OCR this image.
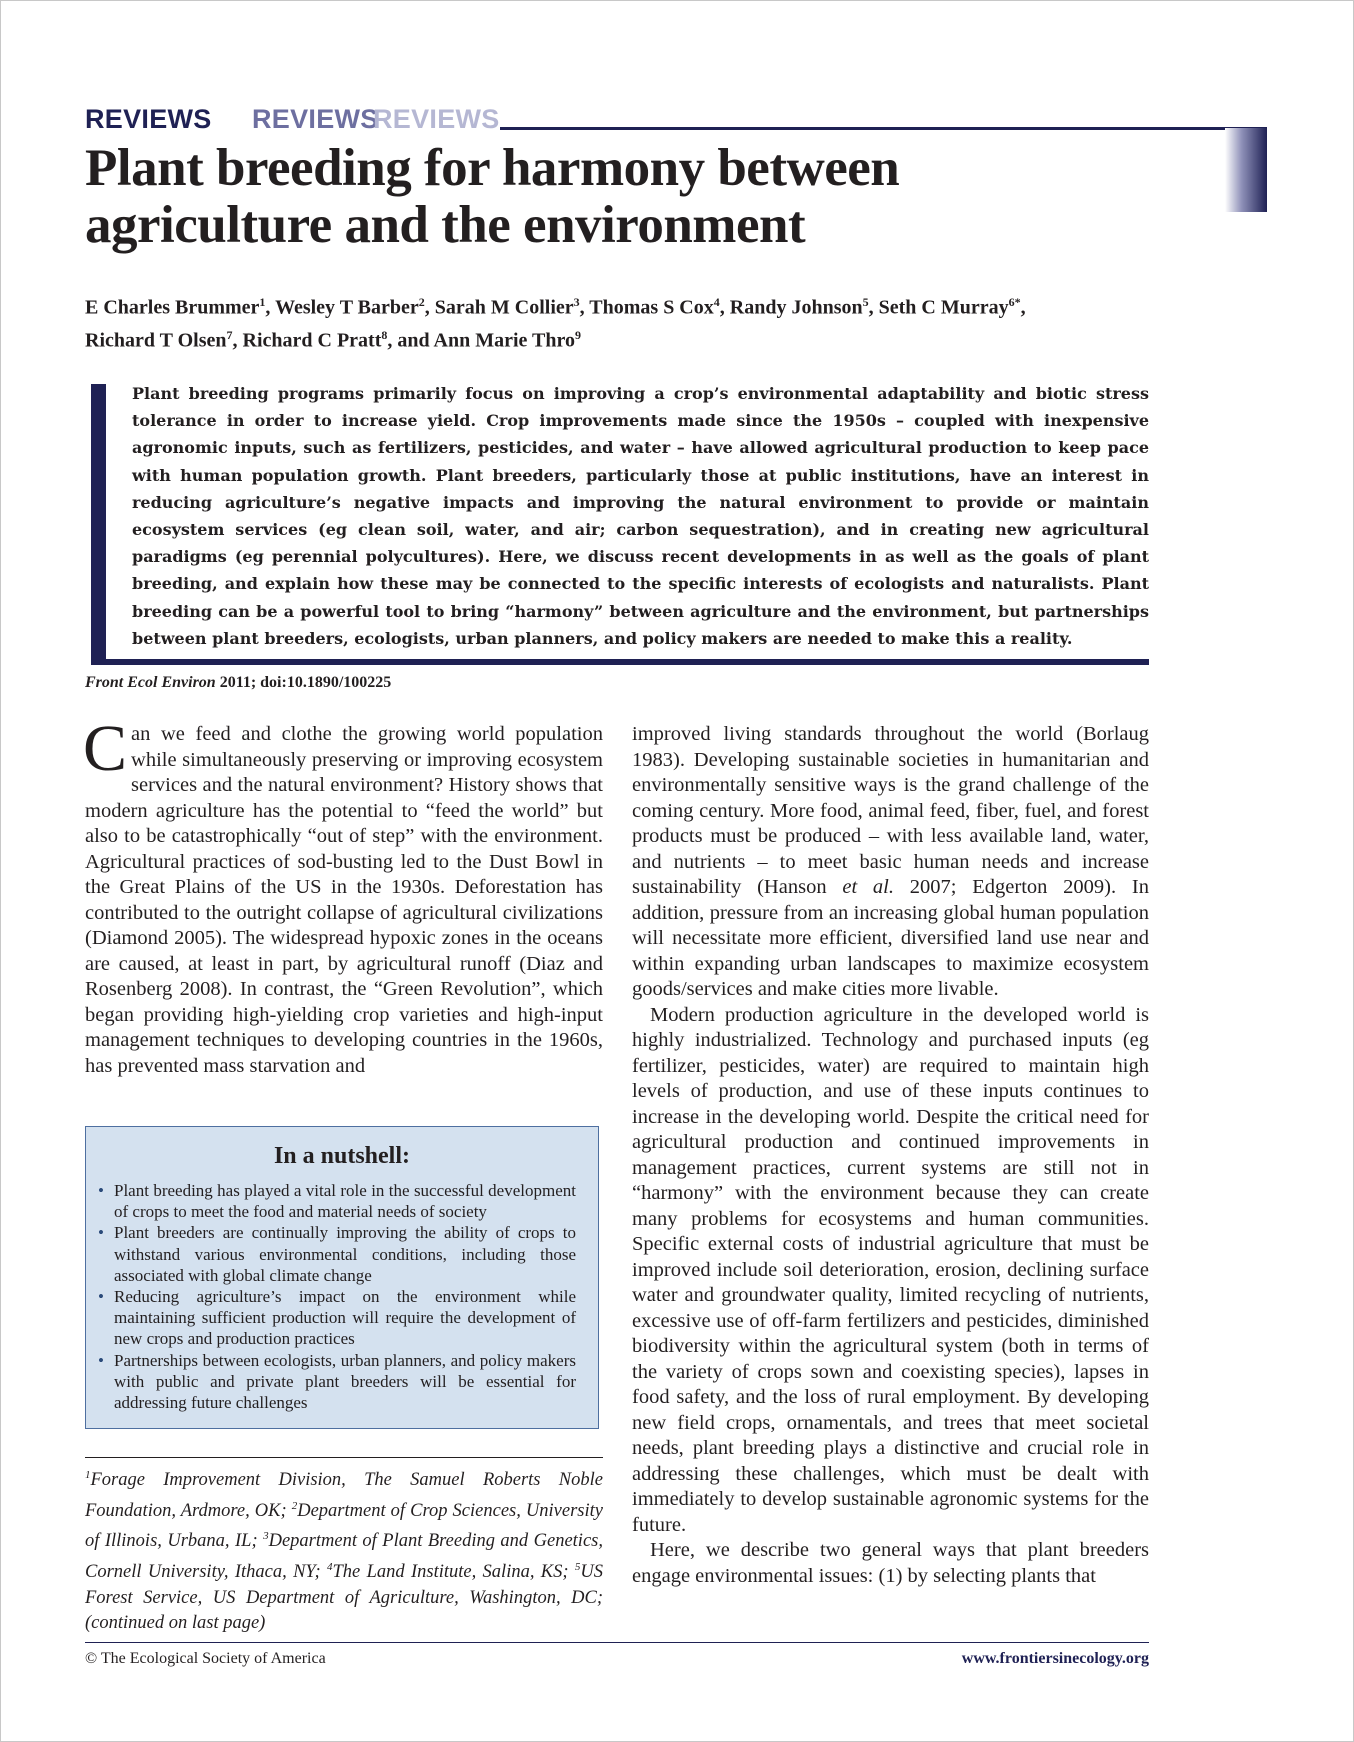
REVIEWS REVIEWS
REVIEWS
Plant breeding for harmony between
agriculture and the environment

E Charles Brummer$^1$, Wesley T Barber$^2$, Sarah M Collier$^3$, Thomas S Cox$^4$, Randy Johnson$^5$, Seth C Murray$^{6*}$,
Richard T Olsen$^7$, Richard C Pratt$^8$, and Ann Marie Thro$^9$

Plant breeding programs primarily focus on improving a crop’s environmental adaptability and biotic stress tolerance in order to increase yield. Crop improvements made since the 1950s – coupled with inexpensive agronomic inputs, such as fertilizers, pesticides, and water – have allowed agricultural production to keep pace with human population growth. Plant breeders, particularly those at public institutions, have an interest in reducing agriculture’s negative impacts and improving the natural environment to provide or maintain ecosystem services (eg clean soil, water, and air; carbon sequestration), and in creating new agricultural paradigms (eg perennial polycultures). Here, we discuss recent developments in as well as the goals of plant breeding, and explain how these may be connected to the specific interests of ecologists and naturalists. Plant breeding can be a powerful tool to bring “harmony” between agriculture and the environment, but partnerships between plant breeders, ecologists, urban planners, and policy makers are needed to make this a reality.

Front Ecol Environ 2011; doi:10.1890/100225

Can we feed and clothe the growing world population while simultaneously preserving or improving ecosystem services and the natural environment? History shows that modern agriculture has the potential to “feed the world” but also to be catastrophically “out of step” with the environment. Agricultural practices of sod-busting led to the Dust Bowl in the Great Plains of the US in the 1930s. Deforestation has contributed to the outright collapse of agricultural civilizations (Diamond 2005). The widespread hypoxic zones in the oceans are caused, at least in part, by agricultural runoff (Diaz and Rosenberg 2008). In contrast, the “Green Revolution”, which began providing high-yielding crop varieties and high-input management techniques to developing countries in the 1960s, has prevented mass starvation and

In a nutshell:

• Plant breeding has played a vital role in the successful development of crops to meet the food and material needs of society
• Plant breeders are continually improving the ability of crops to withstand various environmental conditions, including those associated with global climate change
• Reducing agriculture’s impact on the environment while maintaining sufficient production will require the development of new crops and production practices
• Partnerships between ecologists, urban planners, and policy makers with public and private plant breeders will be essential for addressing future challenges

$^1$Forage Improvement Division, The Samuel Roberts Noble Foundation, Ardmore, OK; $^2$Department of Crop Sciences, University of Illinois, Urbana, IL; $^3$Department of Plant Breeding and Genetics, Cornell University, Ithaca, NY; $^4$The Land Institute, Salina, KS; $^5$US Forest Service, US Department of Agriculture, Washington, DC; (continued on last page)

improved living standards throughout the world (Borlaug 1983). Developing sustainable societies in humanitarian and environmentally sensitive ways is the grand challenge of the coming century. More food, animal feed, fiber, fuel, and forest products must be produced – with less available land, water, and nutrients – to meet basic human needs and increase sustainability (Hanson et al. 2007; Edgerton 2009). In addition, pressure from an increasing global human population will necessitate more efficient, diversified land use near and within expanding urban landscapes to maximize ecosystem goods/services and make cities more livable.

Modern production agriculture in the developed world is highly industrialized. Technology and purchased inputs (eg fertilizer, pesticides, water) are required to maintain high levels of production, and use of these inputs continues to increase in the developing world. Despite the critical need for agricultural production and continued improvements in management practices, current systems are still not in “harmony” with the environment because they can create many problems for ecosystems and human communities. Specific external costs of industrial agriculture that must be improved include soil deterioration, erosion, declining surface water and groundwater quality, limited recycling of nutrients, excessive use of off-farm fertilizers and pesticides, diminished biodiversity within the agricultural system (both in terms of the variety of crops sown and coexisting species), lapses in food safety, and the loss of rural employment. By developing new field crops, ornamentals, and trees that meet societal needs, plant breeding plays a distinctive and crucial role in addressing these challenges, which must be dealt with immediately to develop sustainable agronomic systems for the future.

Here, we describe two general ways that plant breeders engage environmental issues: (1) by selecting plants that

© The Ecological Society of America	www.frontiersinecology.org
